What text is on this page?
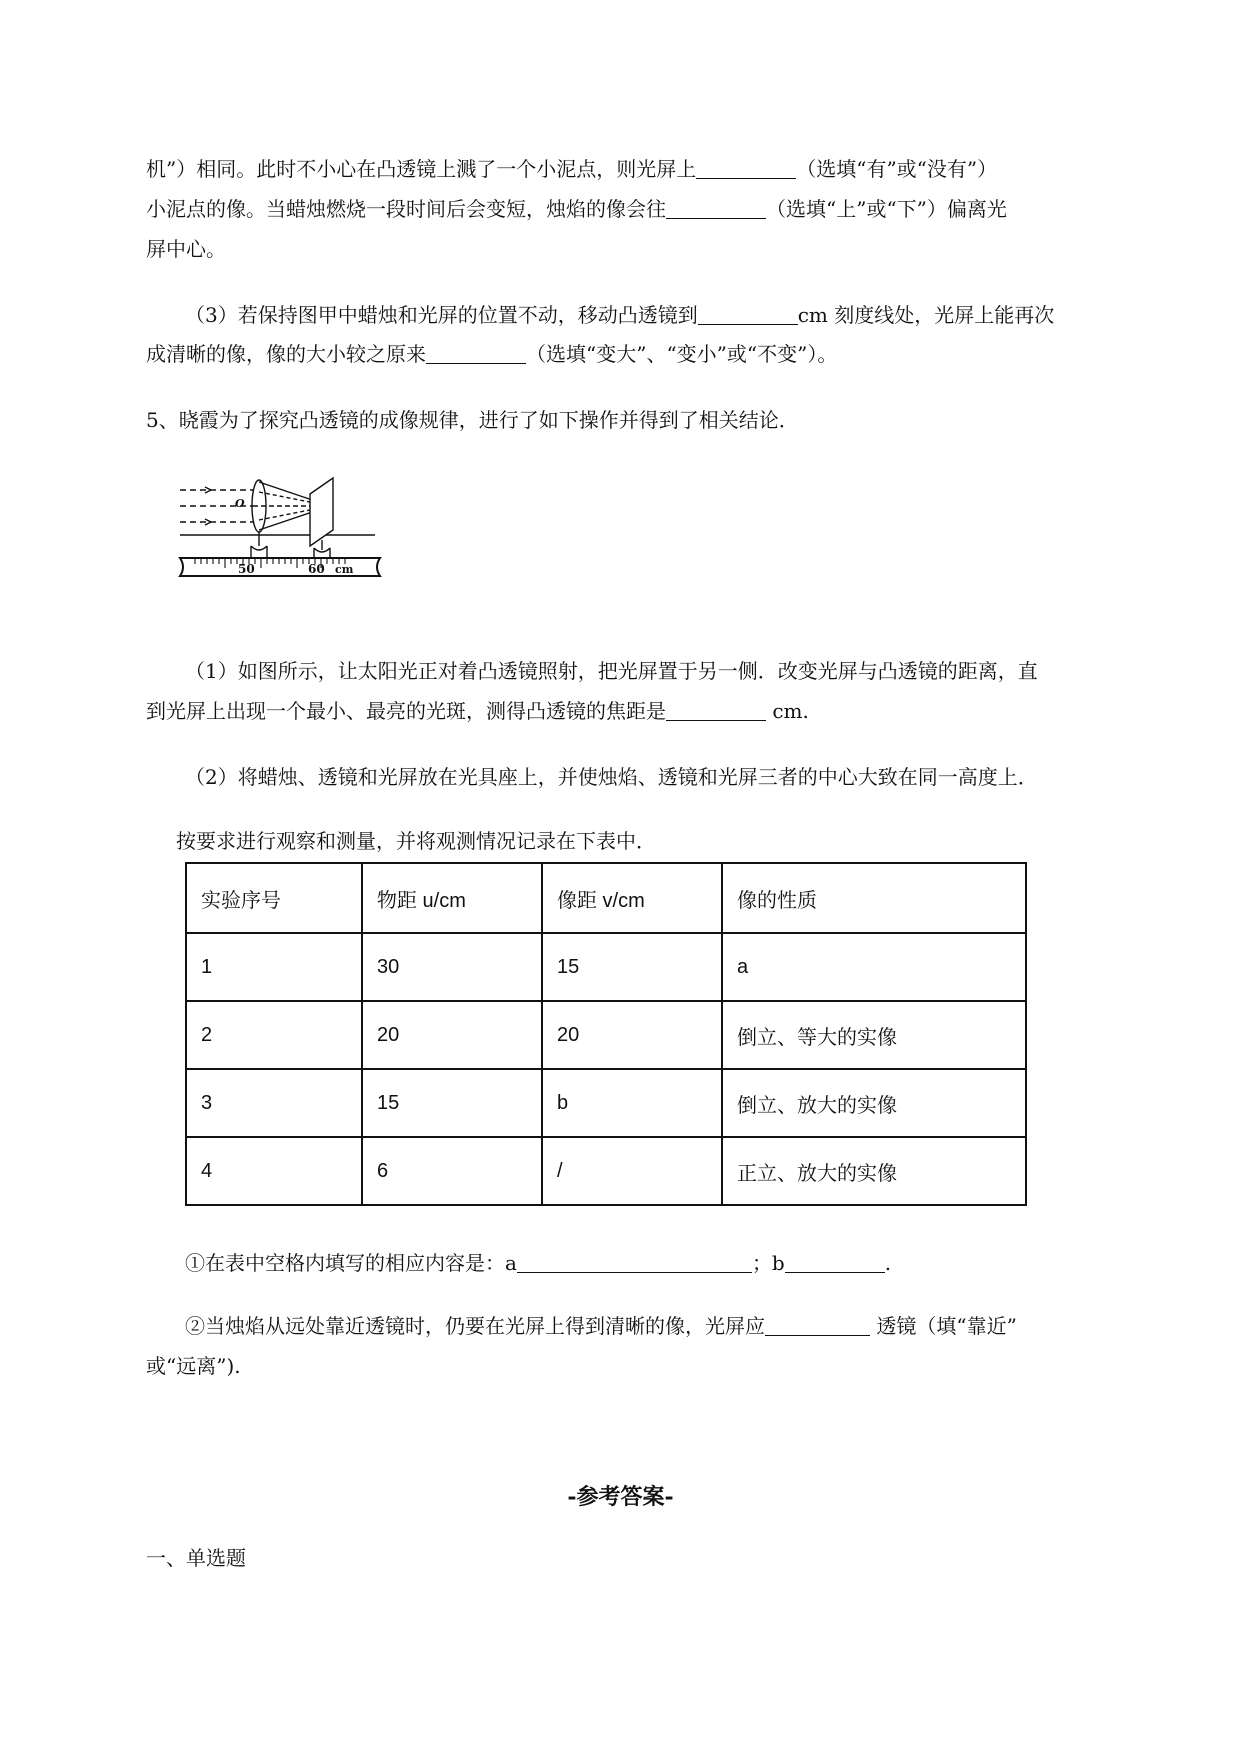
机”）相同。此时不小心在凸透镜上溅了一个小泥点，则光屏上	（选填“有”或“没有”）
小泥点的像。当蜡烛燃烧一段时间后会变短，烛焰的像会往	（选填“上”或“下”）偏离光
屏中心。
（3）若保持图甲中蜡烛和光屏的位置不动，移动凸透镜到	cm 刻度线处，光屏上能再次
成清晰的像，像的大小较之原来	（选填“变大”、“变小”或“不变”）。
5、晓霞为了探究凸透镜的成像规律，进行了如下操作并得到了相关结论．
O
50	60 cm
（1）如图所示，让太阳光正对着凸透镜照射，把光屏置于另一侧．改变光屏与凸透镜的距离，直
到光屏上出现一个最小、最亮的光斑，测得凸透镜的焦距是	cm.
（2）将蜡烛、透镜和光屏放在光具座上，并使烛焰、透镜和光屏三者的中心大致在同一高度上．
按要求进行观察和测量，并将观测情况记录在下表中．
实验序号	物距 u/cm	像距 v/cm	像的性质
1	30	15	a
2	20	20	倒立、等大的实像
3	15	b	倒立、放大的实像
4	6	/	正立、放大的实像
①在表中空格内填写的相应内容是：a	；b	.
②当烛焰从远处靠近透镜时，仍要在光屏上得到清晰的像，光屏应	透镜（填“靠近”
或“远离”).
-参考答案-
一、单选题
